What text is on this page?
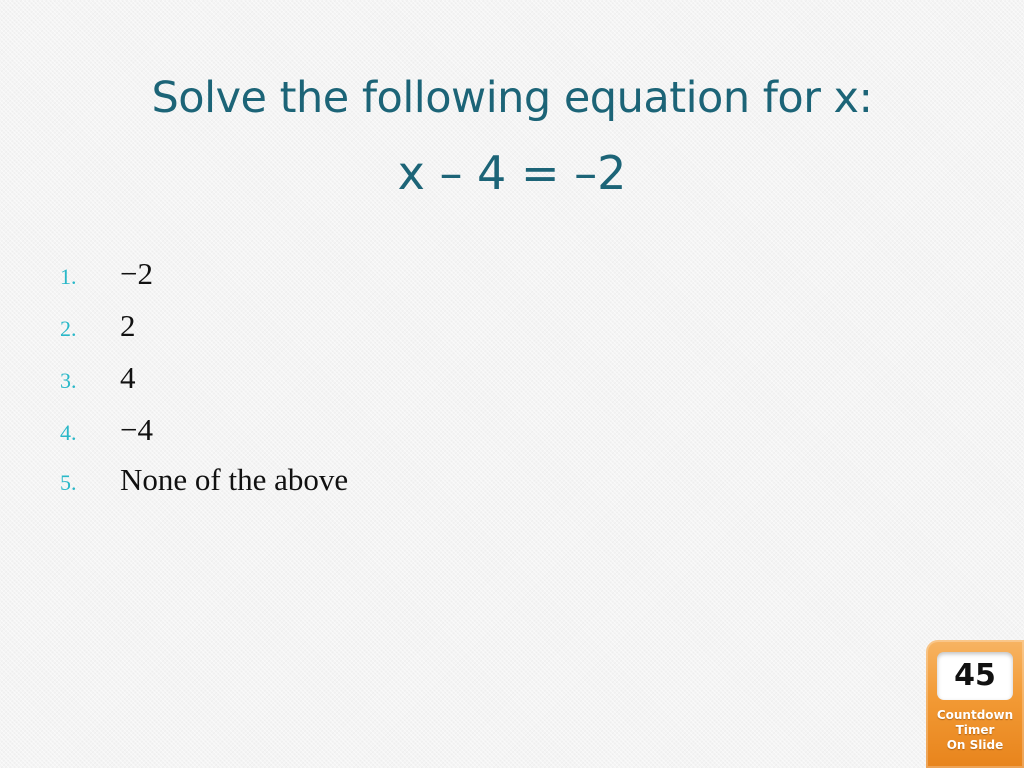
Solve the following equation for x:
x – 4 = –2
1.	−2
2.	2
3.	4
4.	−4
5.	None of the above
45
Countdown
Timer
On Slide
